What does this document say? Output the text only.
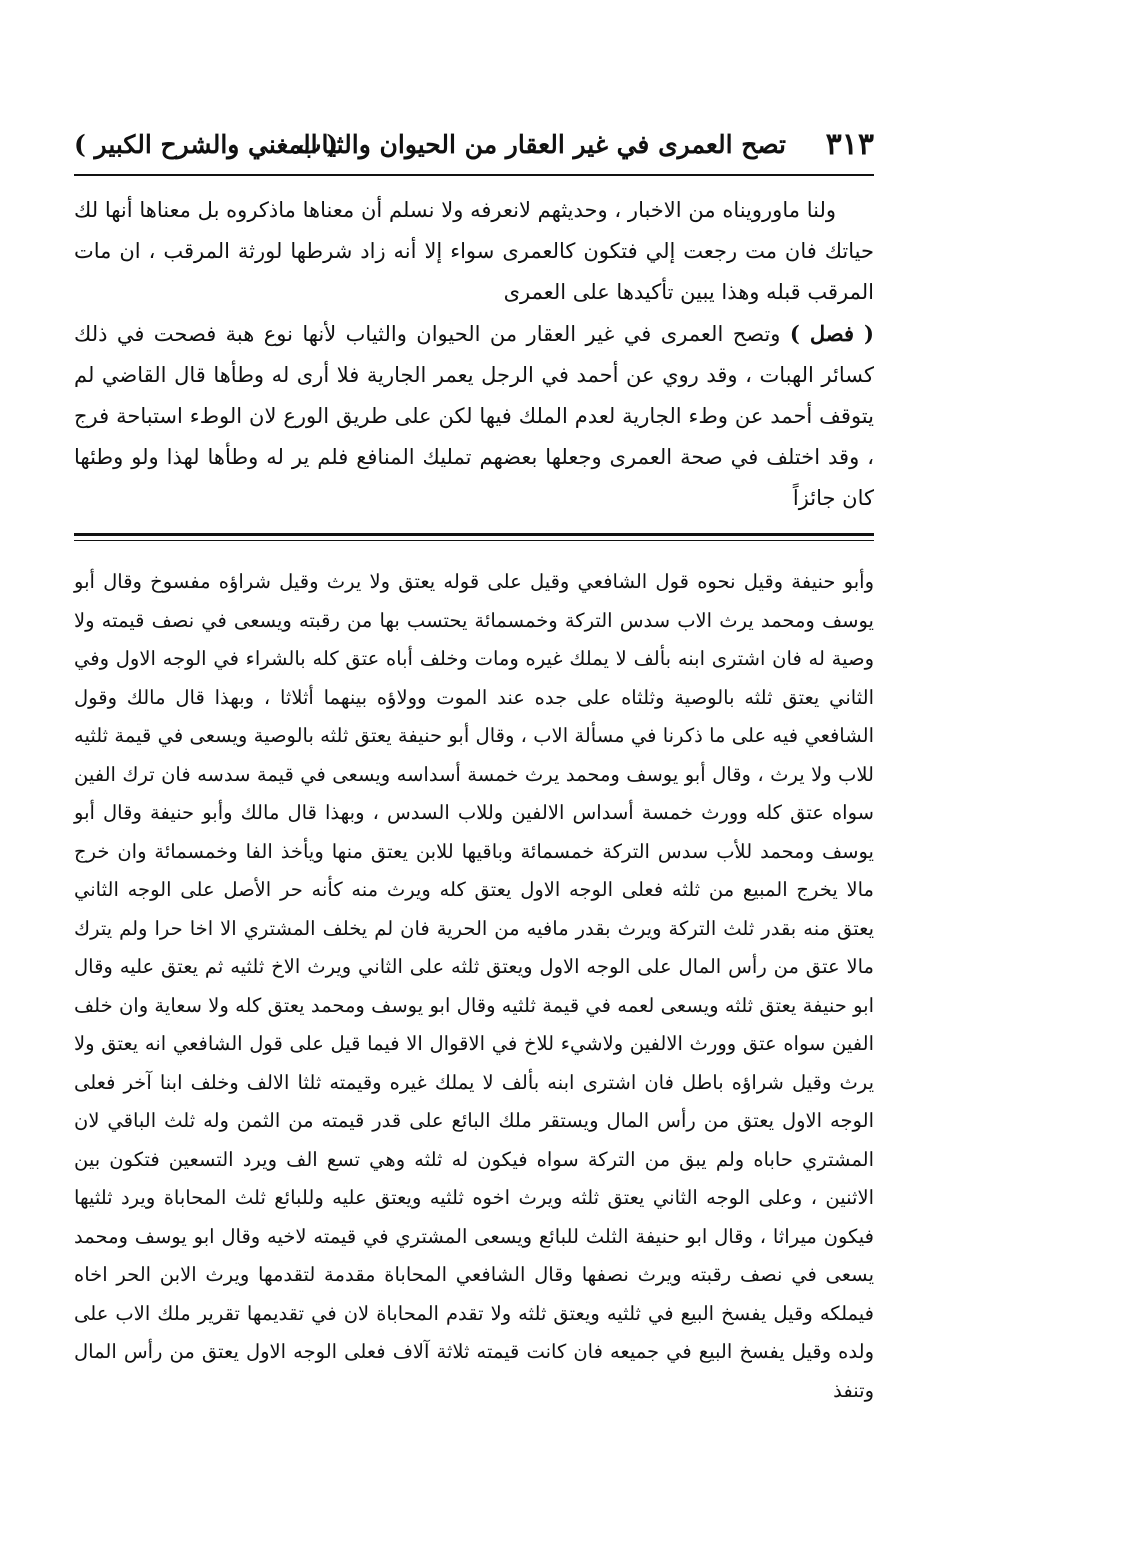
٣١٣
تصح العمرى في غير العقار من الحيوان والثياب
( المغني والشرح الكبير )

ولنا ماورويناه من الاخبار ، وحديثهم لانعرفه ولا نسلم أن معناها ماذكروه بل معناها أنها لك حياتك فان مت رجعت إلي فتكون كالعمرى سواء إلا أنه زاد شرطها لورثة المرقب ، ان مات المرقب قبله وهذا يبين تأكيدها على العمرى

( فصل ) وتصح العمرى في غير العقار من الحيوان والثياب لأنها نوع هبة فصحت في ذلك كسائر الهبات ، وقد روي عن أحمد في الرجل يعمر الجارية فلا أرى له وطأها قال القاضي لم يتوقف أحمد عن وطء الجارية لعدم الملك فيها لكن على طريق الورع لان الوطء استباحة فرج ، وقد اختلف في صحة العمرى وجعلها بعضهم تمليك المنافع فلم ير له وطأها لهذا ولو وطئها كان جائزاً

وأبو حنيفة وقيل نحوه قول الشافعي وقيل على قوله يعتق ولا يرث وقيل شراؤه مفسوخ وقال أبو يوسف ومحمد يرث الاب سدس التركة وخمسمائة يحتسب بها من رقبته ويسعى في نصف قيمته ولا وصية له فان اشترى ابنه بألف لا يملك غيره ومات وخلف أباه عتق كله بالشراء في الوجه الاول وفي الثاني يعتق ثلثه بالوصية وثلثاه على جده عند الموت وولاؤه بينهما أثلاثا ، وبهذا قال مالك وقول الشافعي فيه على ما ذكرنا في مسألة الاب ، وقال أبو حنيفة يعتق ثلثه بالوصية ويسعى في قيمة ثلثيه للاب ولا يرث ، وقال أبو يوسف ومحمد يرث خمسة أسداسه ويسعى في قيمة سدسه فان ترك الفين سواه عتق كله وورث خمسة أسداس الالفين وللاب السدس ، وبهذا قال مالك وأبو حنيفة وقال أبو يوسف ومحمد للأب سدس التركة خمسمائة وباقيها للابن يعتق منها ويأخذ الفا وخمسمائة وان خرج مالا يخرج المبيع من ثلثه فعلى الوجه الاول يعتق كله ويرث منه كأنه حر الأصل على الوجه الثاني يعتق منه بقدر ثلث التركة ويرث بقدر مافيه من الحرية فان لم يخلف المشتري الا اخا حرا ولم يترك مالا عتق من رأس المال على الوجه الاول ويعتق ثلثه على الثاني ويرث الاخ ثلثيه ثم يعتق عليه وقال ابو حنيفة يعتق ثلثه ويسعى لعمه في قيمة ثلثيه وقال ابو يوسف ومحمد يعتق كله ولا سعاية وان خلف الفين سواه عتق وورث الالفين ولاشيء للاخ في الاقوال الا فيما قيل على قول الشافعي انه يعتق ولا يرث وقيل شراؤه باطل فان اشترى ابنه بألف لا يملك غيره وقيمته ثلثا الالف وخلف ابنا آخر فعلى الوجه الاول يعتق من رأس المال ويستقر ملك البائع على قدر قيمته من الثمن وله ثلث الباقي لان المشتري حاباه ولم يبق من التركة سواه فيكون له ثلثه وهي تسع الف ويرد التسعين فتكون بين الاثنين ، وعلى الوجه الثاني يعتق ثلثه ويرث اخوه ثلثيه ويعتق عليه وللبائع ثلث المحاباة ويرد ثلثيها فيكون ميراثا ، وقال ابو حنيفة الثلث للبائع ويسعى المشتري في قيمته لاخيه وقال ابو يوسف ومحمد يسعى في نصف رقبته ويرث نصفها وقال الشافعي المحاباة مقدمة لتقدمها ويرث الابن الحر اخاه فيملكه وقيل يفسخ البيع في ثلثيه ويعتق ثلثه ولا تقدم المحاباة لان في تقديمها تقرير ملك الاب على ولده وقيل يفسخ البيع في جميعه فان كانت قيمته ثلاثة آلاف فعلى الوجه الاول يعتق من رأس المال وتنفذ
